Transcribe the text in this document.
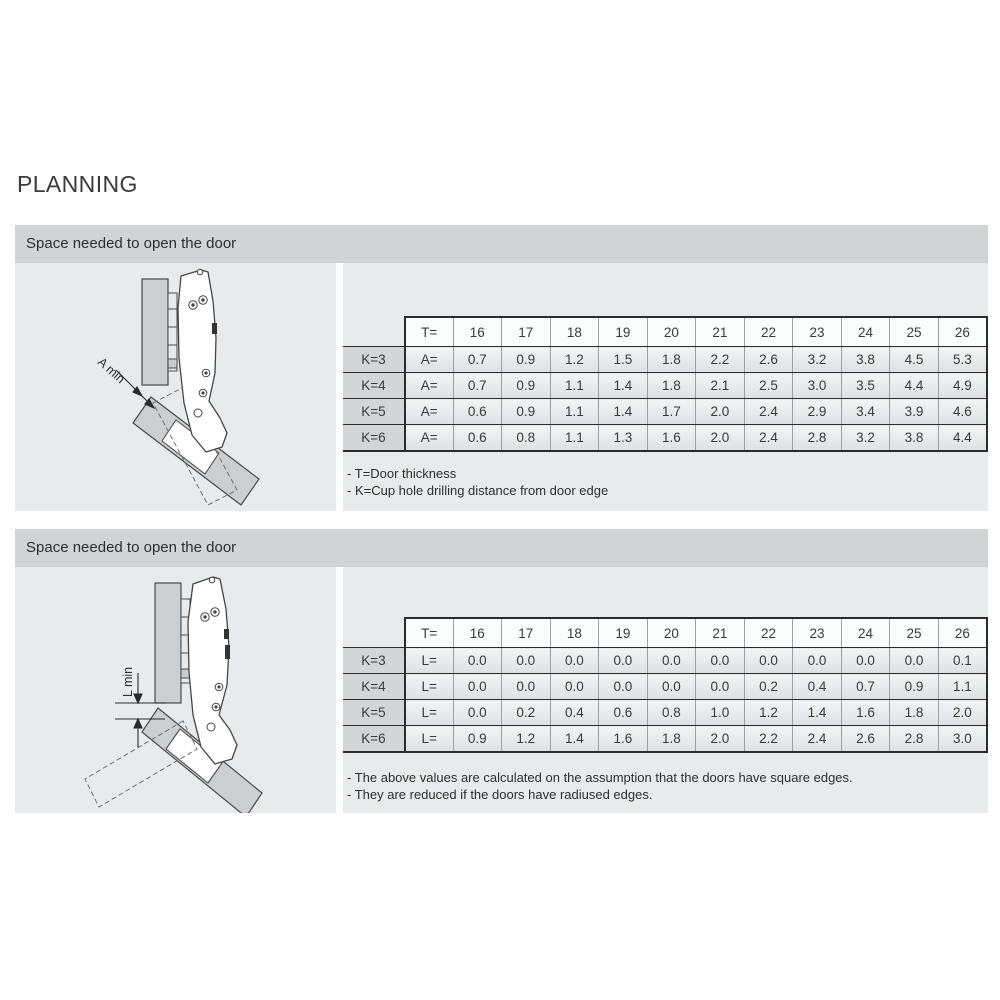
PLANNING
Space needed to open the door
A min
	T=	16	17	18	19	20	21	22	23	24	25	26
K=3	A=	0.7	0.9	1.2	1.5	1.8	2.2	2.6	3.2	3.8	4.5	5.3
K=4	A=	0.7	0.9	1.1	1.4	1.8	2.1	2.5	3.0	3.5	4.4	4.9
K=5	A=	0.6	0.9	1.1	1.4	1.7	2.0	2.4	2.9	3.4	3.9	4.6
K=6	A=	0.6	0.8	1.1	1.3	1.6	2.0	2.4	2.8	3.2	3.8	4.4
- T=Door thickness
- K=Cup hole drilling distance from door edge
Space needed to open the door
L min
	T=	16	17	18	19	20	21	22	23	24	25	26
K=3	L=	0.0	0.0	0.0	0.0	0.0	0.0	0.0	0.0	0.0	0.0	0.1
K=4	L=	0.0	0.0	0.0	0.0	0.0	0.0	0.2	0.4	0.7	0.9	1.1
K=5	L=	0.0	0.2	0.4	0.6	0.8	1.0	1.2	1.4	1.6	1.8	2.0
K=6	L=	0.9	1.2	1.4	1.6	1.8	2.0	2.2	2.4	2.6	2.8	3.0
- The above values are calculated on the assumption that the doors have square edges.
- They are reduced if the doors have radiused edges.
